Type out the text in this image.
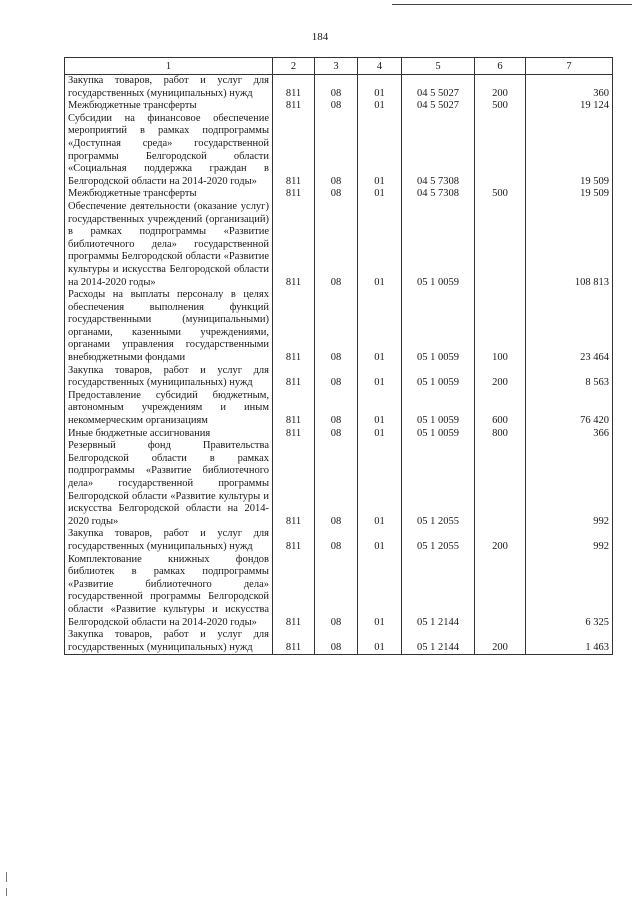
184
1	2	3	4	5	6	7
Закупка товаров, работ и услуг для государственных (муниципальных) нужд	811	08	01	04 5 5027	200	360
Межбюджетные трансферты	811	08	01	04 5 5027	500	19 124
Субсидии на финансовое обеспечение мероприятий в рамках подпрограммы «Доступная среда» государственной программы Белгородской области «Социальная поддержка граждан в Белгородской области на 2014-2020 годы»	811	08	01	04 5 7308		19 509
Межбюджетные трансферты	811	08	01	04 5 7308	500	19 509
Обеспечение деятельности (оказание услуг) государственных учреждений (организаций) в рамках подпрограммы «Развитие библиотечного дела» государственной программы Белгородской области «Развитие культуры и искусства Белгородской области на 2014-2020 годы»	811	08	01	05 1 0059		108 813
Расходы на выплаты персоналу в целях обеспечения выполнения функций государственными (муниципальными) органами, казенными учреждениями, органами управления государственными внебюджетными фондами	811	08	01	05 1 0059	100	23 464
Закупка товаров, работ и услуг для государственных (муниципальных) нужд	811	08	01	05 1 0059	200	8 563
Предоставление субсидий бюджетным, автономным учреждениям и иным некоммерческим организациям	811	08	01	05 1 0059	600	76 420
Иные бюджетные ассигнования	811	08	01	05 1 0059	800	366
Резервный фонд Правительства Белгородской области в рамках подпрограммы «Развитие библиотечного дела» государственной программы Белгородской области «Развитие культуры и искусства Белгородской области на 2014-2020 годы»	811	08	01	05 1 2055		992
Закупка товаров, работ и услуг для государственных (муниципальных) нужд	811	08	01	05 1 2055	200	992
Комплектование книжных фондов библиотек в рамках подпрограммы «Развитие библиотечного дела» государственной программы Белгородской области «Развитие культуры и искусства Белгородской области на 2014-2020 годы»	811	08	01	05 1 2144		6 325
Закупка товаров, работ и услуг для государственных (муниципальных) нужд	811	08	01	05 1 2144	200	1 463
